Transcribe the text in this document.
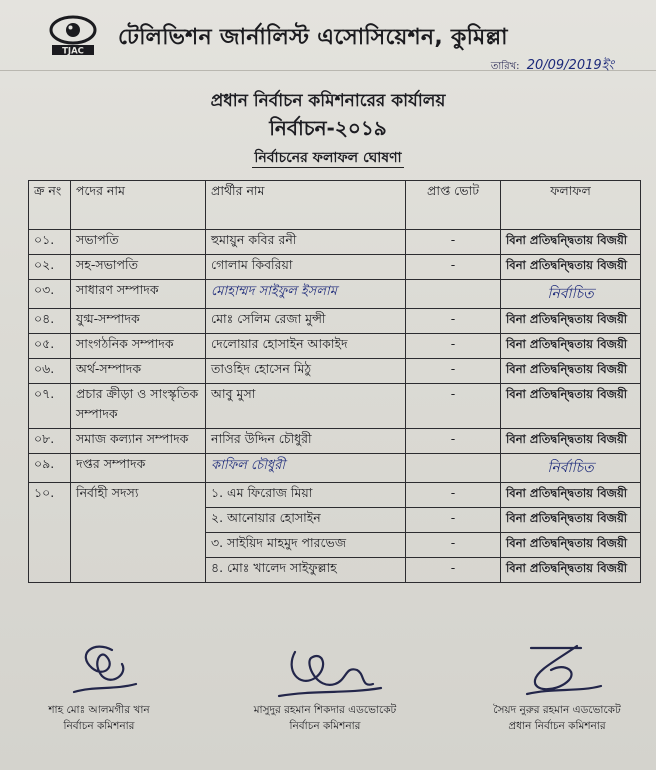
TJAC
টেলিভিশন জার্নালিস্ট এসোসিয়েশন, কুমিল্লা
তারিখ: 20/09/2019ইং
প্রধান নির্বাচন কমিশনারের কার্যালয়
নির্বাচন-২০১৯
নির্বাচনের ফলাফল ঘোষণা
ক্র নং	পদের নাম	প্রার্থীর নাম	প্রাপ্ত ভোট	ফলাফল
০১.	সভাপতি	হুমায়ুন কবির রনী	-	বিনা প্রতিদ্বন্দ্বিতায় বিজয়ী
০২.	সহ-সভাপতি	গোলাম কিবরিয়া	-	বিনা প্রতিদ্বন্দ্বিতায় বিজয়ী
০৩.	সাধারণ সম্পাদক	মোহাম্মদ সাইফুল ইসলাম		নির্বাচিত
০৪.	যুগ্ম-সম্পাদক	মোঃ সেলিম রেজা মুন্সী	-	বিনা প্রতিদ্বন্দ্বিতায় বিজয়ী
০৫.	সাংগঠনিক সম্পাদক	দেলোয়ার হোসাইন আকাইদ	-	বিনা প্রতিদ্বন্দ্বিতায় বিজয়ী
০৬.	অর্থ-সম্পাদক	তাওহিদ হোসেন মিঠু	-	বিনা প্রতিদ্বন্দ্বিতায় বিজয়ী
০৭.	প্রচার ক্রীড়া ও সাংস্কৃতিক সম্পাদক	আবু মুসা	-	বিনা প্রতিদ্বন্দ্বিতায় বিজয়ী
০৮.	সমাজ কল্যান সম্পাদক	নাসির উদ্দিন চৌধুরী	-	বিনা প্রতিদ্বন্দ্বিতায় বিজয়ী
০৯.	দপ্তর সম্পাদক	কাফিল চৌধুরী		নির্বাচিত
১০.	নির্বাহী সদস্য	১. এম ফিরোজ মিয়া	-	বিনা প্রতিদ্বন্দ্বিতায় বিজয়ী
		২. আনোয়ার হোসাইন	-	বিনা প্রতিদ্বন্দ্বিতায় বিজয়ী
		৩. সাইয়িদ মাহমুদ পারভেজ	-	বিনা প্রতিদ্বন্দ্বিতায় বিজয়ী
		৪. মোঃ খালেদ সাইফুল্লাহ	-	বিনা প্রতিদ্বন্দ্বিতায় বিজয়ী
শাহ মোঃ আলমগীর খান
নির্বাচন কমিশনার
মাসুদুর রহমান শিকদার এডভোকেট
নির্বাচন কমিশনার
সৈয়দ নুরুর রহমান এডভোকেট
প্রধান নির্বাচন কমিশনার
